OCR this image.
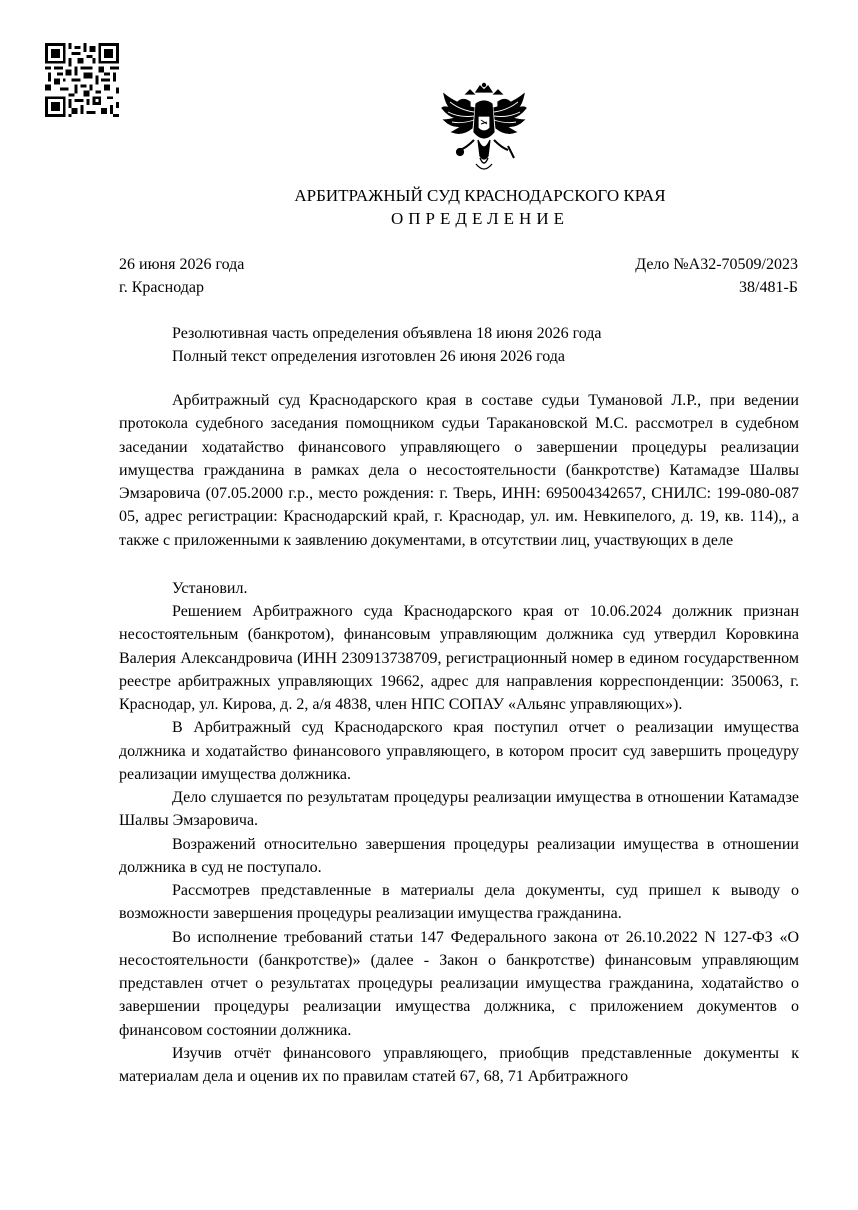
АРБИТРАЖНЫЙ СУД КРАСНОДАРСКОГО КРАЯ
ОПРЕДЕЛЕНИЕ
26 июня 2026 года
г. Краснодар
Дело №А32-70509/2023
38/481-Б
Резолютивная часть определения объявлена 18 июня 2026 года
Полный текст определения изготовлен 26 июня 2026 года

Арбитражный суд Краснодарского края в составе судьи Тумановой Л.Р., при ведении протокола судебного заседания помощником судьи Таракановской М.С. рассмотрел в судебном заседании ходатайство финансового управляющего о завершении процедуры реализации имущества гражданина в рамках дела о несостоятельности (банкротстве) Катамадзе Шалвы Эмзаровича (07.05.2000 г.р., место рождения: г. Тверь, ИНН: 695004342657, СНИЛС: 199-080-087 05, адрес регистрации: Краснодарский край, г. Краснодар, ул. им. Невкипелого, д. 19, кв. 114),, а также с приложенными к заявлению документами, в отсутствии лиц, участвующих в деле

Установил.

Решением Арбитражного суда Краснодарского края от 10.06.2024 должник признан несостоятельным (банкротом), финансовым управляющим должника суд утвердил Коровкина Валерия Александровича (ИНН 230913738709, регистрационный номер в едином государственном реестре арбитражных управляющих 19662, адрес для направления корреспонденции: 350063, г. Краснодар, ул. Кирова, д. 2, а/я 4838, член НПС СОПАУ «Альянс управляющих»).

В Арбитражный суд Краснодарского края поступил отчет о реализации имущества должника и ходатайство финансового управляющего, в котором просит суд завершить процедуру реализации имущества должника.

Дело слушается по результатам процедуры реализации имущества в отношении Катамадзе Шалвы Эмзаровича.

Возражений относительно завершения процедуры реализации имущества в отношении должника в суд не поступало.

Рассмотрев представленные в материалы дела документы, суд пришел к выводу о возможности завершения процедуры реализации имущества гражданина.

Во исполнение требований статьи 147 Федерального закона от 26.10.2022 N 127-ФЗ «О несостоятельности (банкротстве)» (далее - Закон о банкротстве) финансовым управляющим представлен отчет о результатах процедуры реализации имущества гражданина, ходатайство о завершении процедуры реализации имущества должника, с приложением документов о финансовом состоянии должника.

Изучив отчёт финансового управляющего, приобщив представленные документы к материалам дела и оценив их по правилам статей 67, 68, 71 Арбитражного
